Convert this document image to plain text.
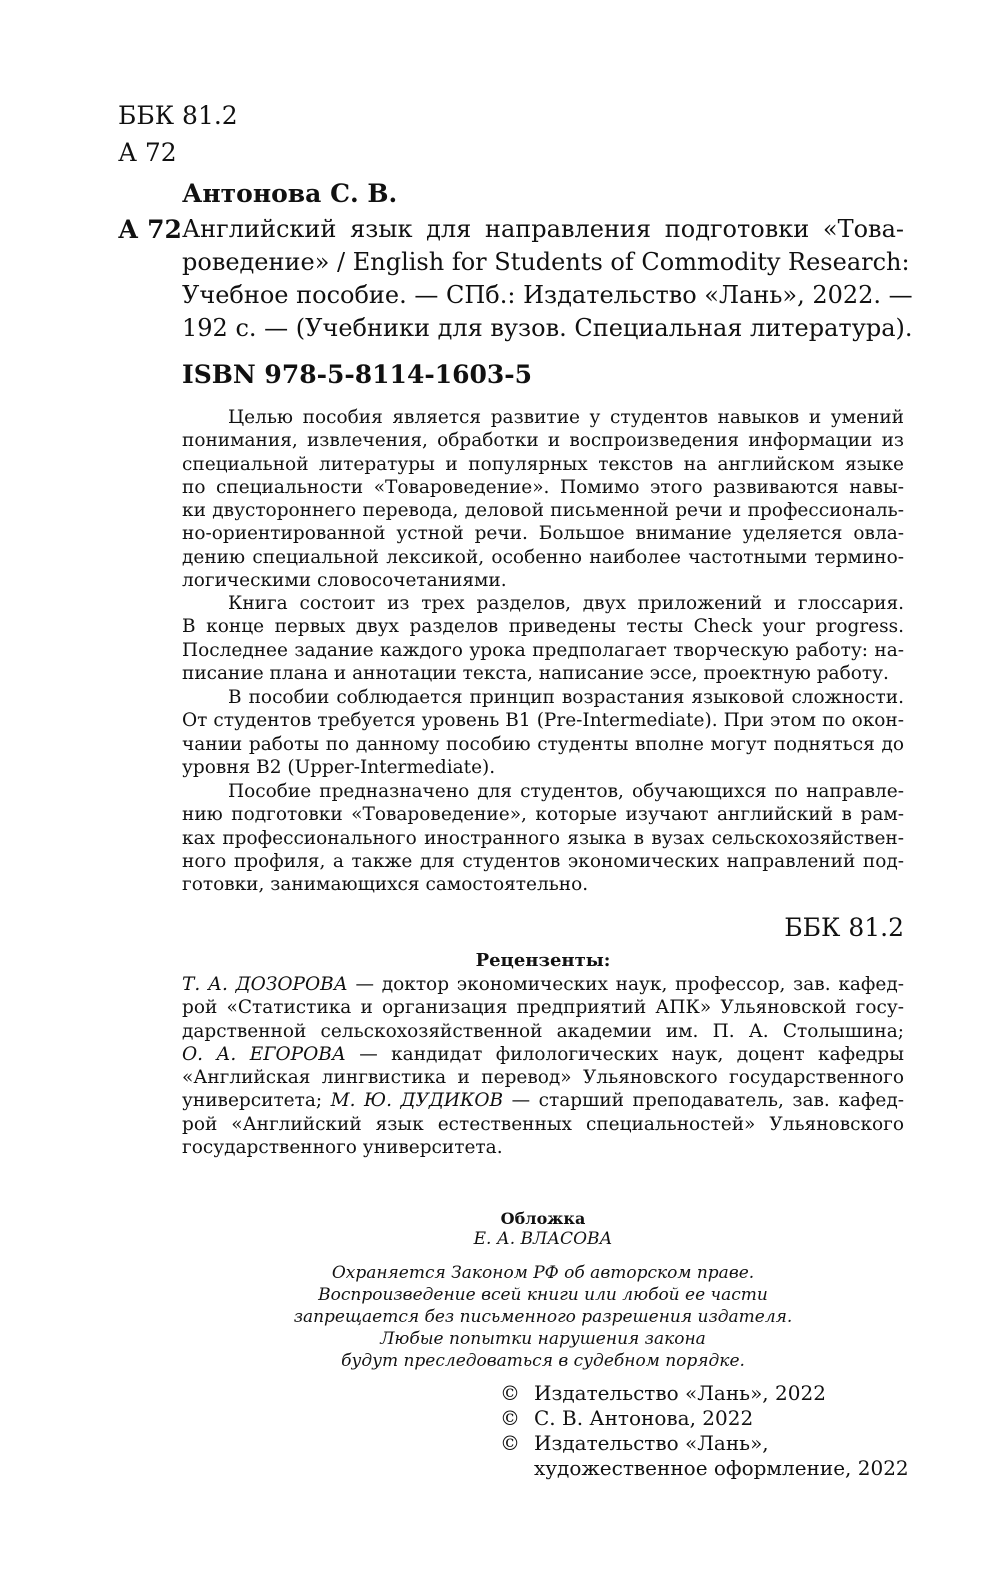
ББК 81.2
А 72
Антонова С. В.
А 72 Английский язык для направления подготовки «Това-
роведение» / English for Students of Commodity Research:
Учебное пособие. — СПб.: Издательство «Лань», 2022. —
192 с. — (Учебники для вузов. Специальная литература).
ISBN 978-5-8114-1603-5
Целью пособия является развитие у студентов навыков и умений
понимания, извлечения, обработки и воспроизведения информации из
специальной литературы и популярных текстов на английском языке
по специальности «Товароведение». Помимо этого развиваются навы-
ки двустороннего перевода, деловой письменной речи и профессиональ-
но-ориентированной устной речи. Большое внимание уделяется овла-
дению специальной лексикой, особенно наиболее частотными термино-
логическими словосочетаниями.
Книга состоит из трех разделов, двух приложений и глоссария.
В конце первых двух разделов приведены тесты Check your progress.
Последнее задание каждого урока предполагает творческую работу: на-
писание плана и аннотации текста, написание эссе, проектную работу.
В пособии соблюдается принцип возрастания языковой сложности.
От студентов требуется уровень B1 (Pre-Intermediate). При этом по окон-
чании работы по данному пособию студенты вполне могут подняться до
уровня B2 (Upper-Intermediate).
Пособие предназначено для студентов, обучающихся по направле-
нию подготовки «Товароведение», которые изучают английский в рам-
ках профессионального иностранного языка в вузах сельскохозяйствен-
ного профиля, а также для студентов экономических направлений под-
готовки, занимающихся самостоятельно.
ББК 81.2
Рецензенты:
Т. А. ДОЗОРОВА — доктор экономических наук, профессор, зав. кафед-
рой «Статистика и организация предприятий АПК» Ульяновской госу-
дарственной сельскохозяйственной академии им. П. А. Столышина;
О. А. ЕГОРОВА — кандидат филологических наук, доцент кафедры
«Английская лингвистика и перевод» Ульяновского государственного
университета; М. Ю. ДУДИКОВ — старший преподаватель, зав. кафед-
рой «Английский язык естественных специальностей» Ульяновского
государственного университета.
Обложка
Е. А. ВЛАСОВА
Охраняется Законом РФ об авторском праве.
Воспроизведение всей книги или любой ее части
запрещается без письменного разрешения издателя.
Любые попытки нарушения закона
будут преследоваться в судебном порядке.
© Издательство «Лань», 2022
© С. В. Антонова, 2022
© Издательство «Лань»,
художественное оформление, 2022
